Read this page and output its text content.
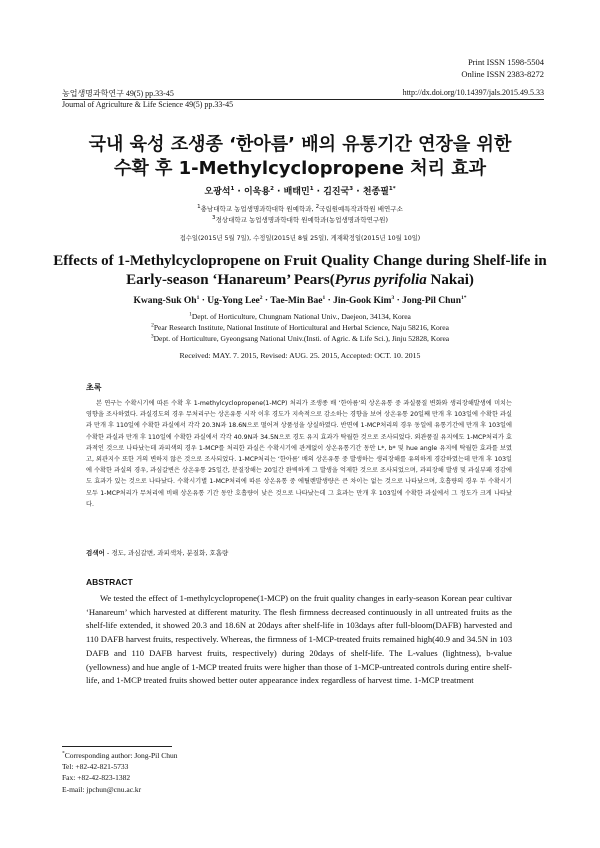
Print ISSN 1598-5504
Online ISSN 2383-8272
농업생명과학연구 49(5) pp.33-45
Journal of Agriculture & Life Science 49(5) pp.33-45
http://dx.doi.org/10.14397/jals.2015.49.5.33
국내 육성 조생종 ‘한아름’ 배의 유통기간 연장을 위한
수확 후 1-Methylcyclopropene 처리 효과
오광석$^1$ · 이욱용$^2$ · 배태민$^1$ · 김진국$^3$ · 천종필$^{1*}$
$^1$충남대학교 농업생명과학대학 원예학과, $^2$국립원예특작과학원 배연구소
$^3$경상대학교 농업생명과학대학 원예학과(농업생명과학연구원)
접수일(2015년 5월 7일), 수정일(2015년 8월 25일), 게재확정일(2015년 10월 10일)
Effects of 1-Methylcyclopropene on Fruit Quality Change during Shelf-life in
Early-season ‘Hanareum’ Pears(Pyrus pyrifolia Nakai)
Kwang-Suk $Oh^1$ · Ug-Yong Lee$^2$ · Tae-Min Bae$^1$ · Jin-Gook Kim$^3$ · Jong-Pil Chun$^{1*}$
$^1$Dept. of Horticulture, Chungnam National Univ., Daejeon, 34134, Korea
$^2$Pear Research Institute, National Institute of Horticultural and Herbal Science, Naju 58216, Korea
$^3$Dept. of Horticulture, Gyeongsang National Univ.(Insti. of Agric. & Life Sci.), Jinju 52828, Korea
Received: MAY. 7. 2015, Revised: AUG. 25. 2015, Accepted: OCT. 10. 2015
초록
본 연구는 수확시기에 따른 수확 후 1-methylcyclopropene(1-MCP) 처리가 조생종 배 ‘한아름’의 상온유통 중 과실품질 변화와 생리장해발생에 미치는 영향을 조사하였다. 과실경도의 경우 무처리구는 상온유통 시작 이후 경도가 지속적으로 감소하는 경향을 보여 상온유통 20일째 만개 후 103일에 수확한 과실과 만개 후 110일에 수확한 과실에서 각각 20.3N과 18.6N으로 떨어져 상품성을 상실하였다. 반면에 1-MCP처리의 경우 동일에 유통기간에 만개 후 103일에 수확한 과실과 만개 후 110일에 수확한 과실에서 각각 40.9N과 34.5N으로 경도 유지 효과가 탁월한 것으로 조사되었다. 외관품질 유지에도 1-MCP처리가 효과적인 것으로 나타났는데 과피색의 경우 1-MCP를 처리한 과실은 수확시기에 관계없이 상온유통기간 동안 L*, b* 및 hue angle 유지에 탁월한 효과를 보였고, 외관지수 또한 거의 변하지 않은 것으로 조사되었다. 1-MCP처리는 ‘한아름’ 배의 상온유통 중 발생하는 생리장해를 유의하게 경감하였는데 만개 후 103일에 수확한 과실의 경우, 과심갈변은 상온유통 25일간, 분질장해는 20일간 완벽하게 그 발생을 억제한 것으로 조사되었으며, 과피장해 발생 및 과실부패 경감에도 효과가 있는 것으로 나타났다. 수확시기별 1-MCP처리에 따른 상온유통 중 에틸렌발생량은 큰 차이는 없는 것으로 나타났으며, 호흡량의 경우 두 수확시기 모두 1-MCP처리가 무처리에 비해 상온유통 기간 동안 호흡량이 낮은 것으로 나타났는데 그 효과는 만개 후 103일에 수확한 과실에서 그 정도가 크게 나타났다.
검색어 - 경도, 과심갈변, 과피색차, 분질화, 호흡량
ABSTRACT
We tested the effect of 1-methylcyclopropene(1-MCP) on the fruit quality changes in early-season Korean pear cultivar ‘Hanareum’ which harvested at different maturity. The flesh firmness decreased continuously in all untreated fruits as the shelf-life extended, it showed 20.3 and 18.6N at 20days after shelf-life in 103days after full-bloom(DAFB) harvested and 110 DAFB harvest fruits, respectively. Whereas, the firmness of 1-MCP-treated fruits remained high(40.9 and 34.5N in 103 DAFB and 110 DAFB harvest fruits, respectively) during 20days of shelf-life. The L-values (lightness), b-value (yellowness) and hue angle of 1-MCP treated fruits were higher than those of 1-MCP-untreated controls during entire shelf-life, and 1-MCP treated fruits showed better outer appearance index regardless of harvest time. 1-MCP treatment
*Corresponding author: Jong-Pil Chun
Tel: +82-42-821-5733
Fax: +82-42-823-1382
E-mail: jpchun@cnu.ac.kr
